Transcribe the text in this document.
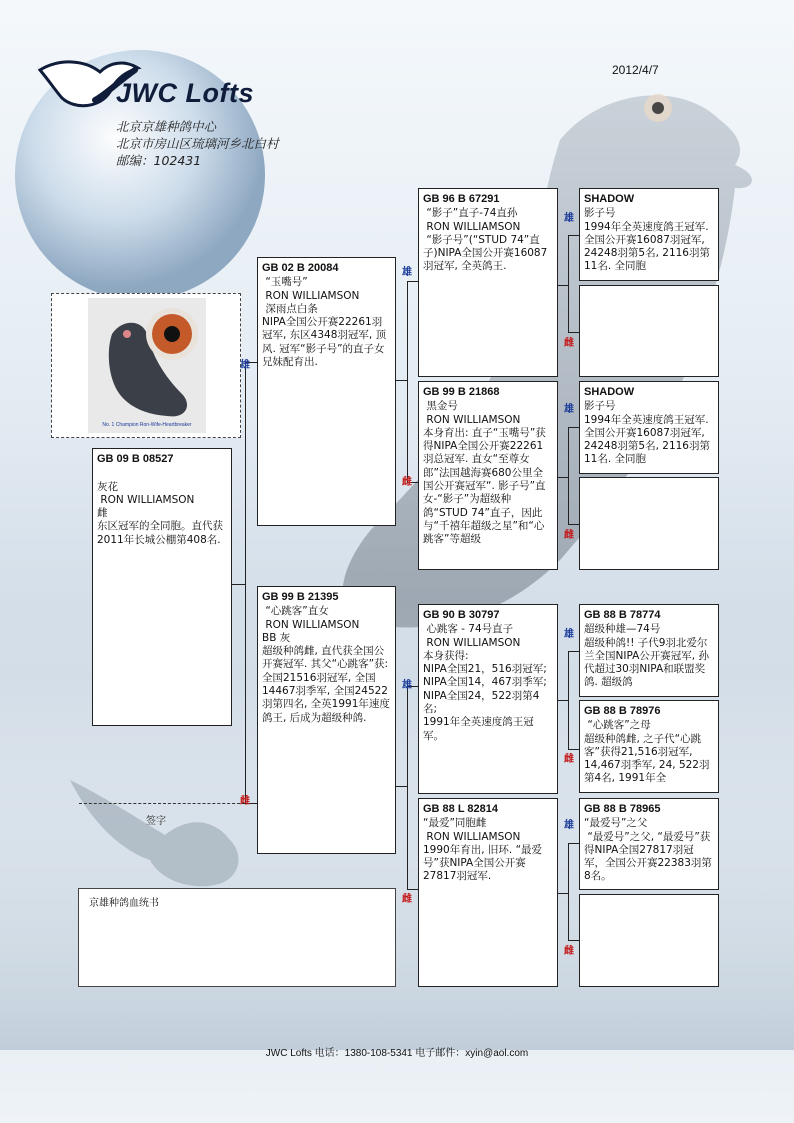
JWC Lofts
北京京雄种鸽中心
北京市房山区琉璃河乡北白村
邮编：102431
2012/4/7
No. 1 Champion Ron-Wife-Heartbreaker
雄
雌
雄
雌
雄
雌
雄
雌
雄
雌
雄
雌
雄
雌
GB 09 B 08527

灰花
RON WILLIAMSON
雌
东区冠军的全同胞。直代获2011年长城公棚第408名.
GB 02 B 20084
“玉嘴号”
RON WILLIAMSON
深雨点白条
NIPA全国公开赛22261羽冠军, 东区4348羽冠军, 顶风. 冠军“影子号”的直子女兄妹配育出.
GB 99 B 21395
“心跳客”直女
RON WILLIAMSON
BB 灰
超级种鸽雌, 直代获全国公开赛冠军. 其父“心跳客”获: 全国21516羽冠军, 全国14467羽季军, 全国24522羽第四名, 全英1991年速度鸽王, 后成为超级种鸽.
GB 96 B 67291
“影子”直子-74直孙
RON WILLIAMSON
“影子号”(“STUD 74”直子)NIPA全国公开赛16087羽冠军, 全英鸽王.
GB 99 B 21868
黑金号
RON WILLIAMSON
本身育出: 直子“玉嘴号”获得NIPA全国公开赛22261羽总冠军. 直女“至尊女郎”法国越海赛680公里全国公开赛冠军“. 影子号”直女-“影子”为超级种鸽“STUD 74”直子，因此与“千禧年超级之星”和“心跳客”等超级
GB 90 B 30797
心跳客 - 74号直子
RON WILLIAMSON
本身获得:
NIPA全国21，516羽冠军;
NIPA全国14，467羽季军;
NIPA全国24，522羽第4名;
1991年全英速度鸽王冠军。
GB 88 L 82814
“最爱”同胞雌
RON WILLIAMSON
1990年育出, 旧环. “最爱号”获NIPA全国公开赛27817羽冠军.
SHADOW
影子号
1994年全英速度鸽王冠军. 全国公开赛16087羽冠军, 24248羽第5名, 2116羽第11名. 全同胞
SHADOW
影子号
1994年全英速度鸽王冠军. 全国公开赛16087羽冠军, 24248羽第5名, 2116羽第11名. 全同胞
GB 88 B 78774
超级种雄—74号
超级种鸽!! 子代9羽北爱尔兰全国NIPA公开赛冠军, 孙代超过30羽NIPA和联盟奖鸽. 超级鸽
GB 88 B 78976
“心跳客”之母
超级种鸽雌, 之子代“心跳客”获得21,516羽冠军, 14,467羽季军, 24, 522羽第4名, 1991年全
GB 88 B 78965
“最爱号”之父
“最爱号”之父, “最爱号”获得NIPA全国27817羽冠军，全国公开赛22383羽第8名。
签字
京雄种鸽血统书
JWC Lofts 电话：1380-108-5341 电子邮件：xyin@aol.com
